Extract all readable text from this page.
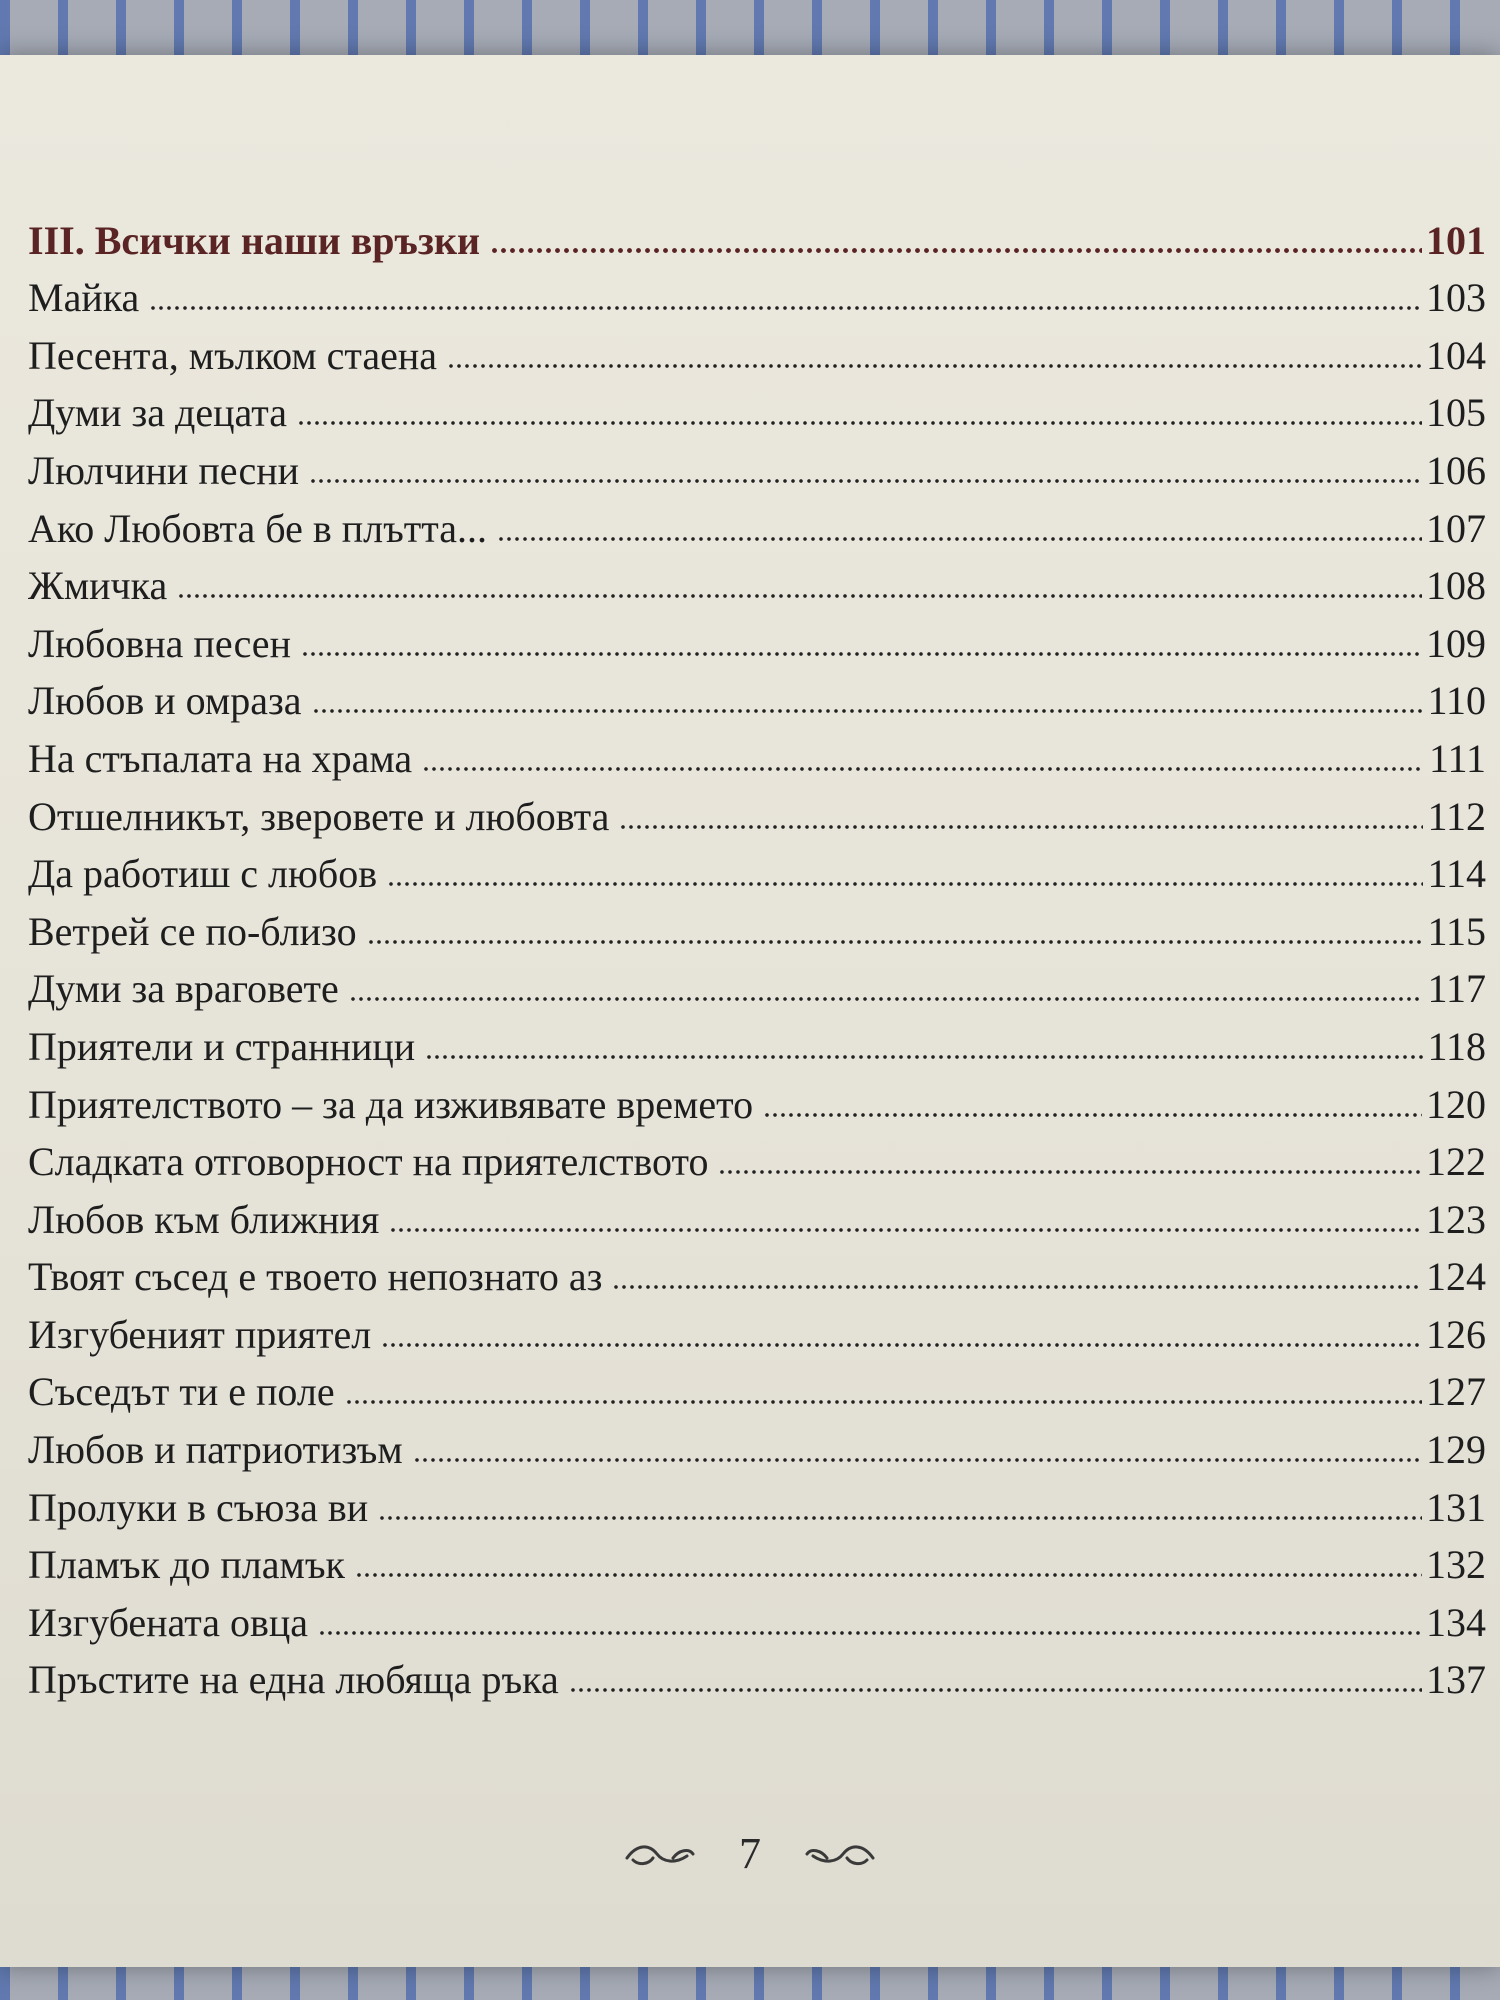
III. Всички наши връзки	101
Майка	103
Песента, мълком стаена	104
Думи за децата	105
Люлчини песни	106
Ако Любовта бе в плътта...	107
Жмичка	108
Любовна песен	109
Любов и омраза	110
На стъпалата на храма	111
Отшелникът, зверовете и любовта	112
Да работиш с любов	114
Ветрей се по-близо	115
Думи за враговете	117
Приятели и странници	118
Приятелството – за да изживявате времето	120
Сладката отговорност на приятелството	122
Любов към ближния	123
Твоят съсед е твоето непознато аз	124
Изгубеният приятел	126
Съседът ти е поле	127
Любов и патриотизъм	129
Пролуки в съюза ви	131
Пламък до пламък	132
Изгубената овца	134
Пръстите на една любяща ръка	137
7
